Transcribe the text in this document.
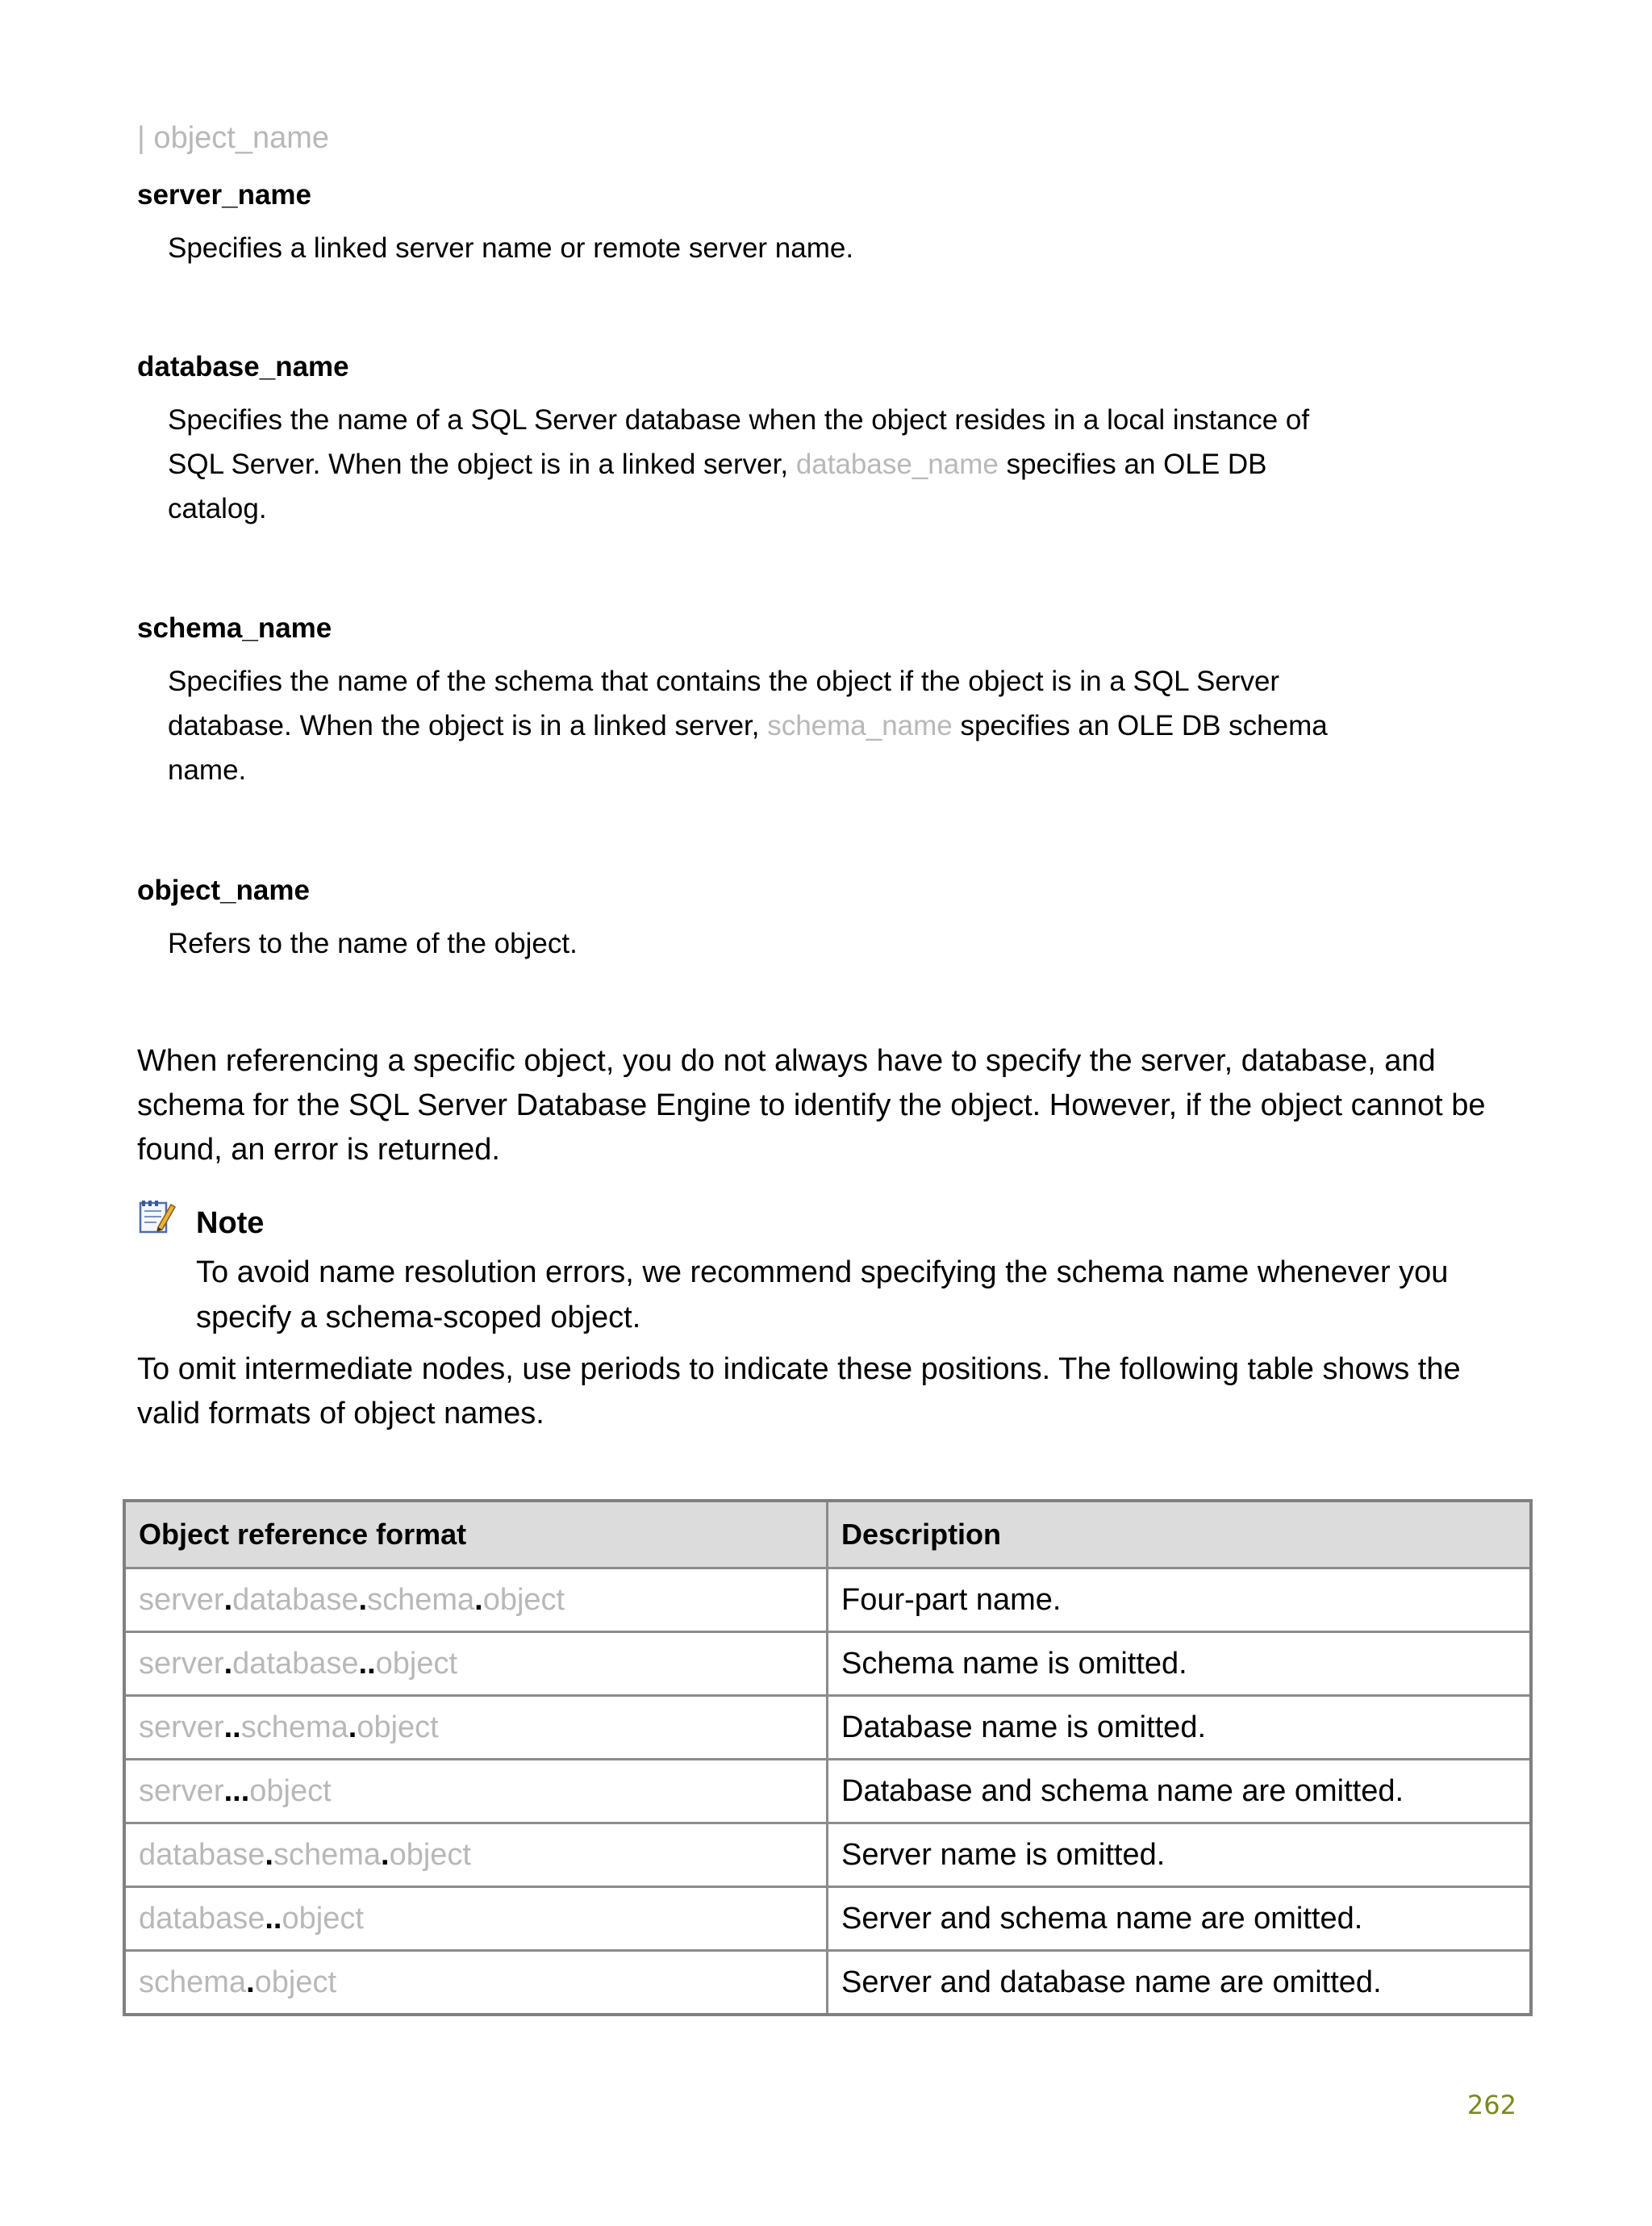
| object_name
server_name
Specifies a linked server name or remote server name.
database_name
Specifies the name of a SQL Server database when the object resides in a local instance of SQL Server. When the object is in a linked server, database_name specifies an OLE DB catalog.
schema_name
Specifies the name of the schema that contains the object if the object is in a SQL Server database. When the object is in a linked server, schema_name specifies an OLE DB schema name.
object_name
Refers to the name of the object.
When referencing a specific object, you do not always have to specify the server, database, and schema for the SQL Server Database Engine to identify the object. However, if the object cannot be found, an error is returned.
Note
To avoid name resolution errors, we recommend specifying the schema name whenever you specify a schema-scoped object.
To omit intermediate nodes, use periods to indicate these positions. The following table shows the valid formats of object names.
Object reference format	Description
server.database.schema.object	Four-part name.
server.database..object	Schema name is omitted.
server..schema.object	Database name is omitted.
server...object	Database and schema name are omitted.
database.schema.object	Server name is omitted.
database..object	Server and schema name are omitted.
schema.object	Server and database name are omitted.
262
